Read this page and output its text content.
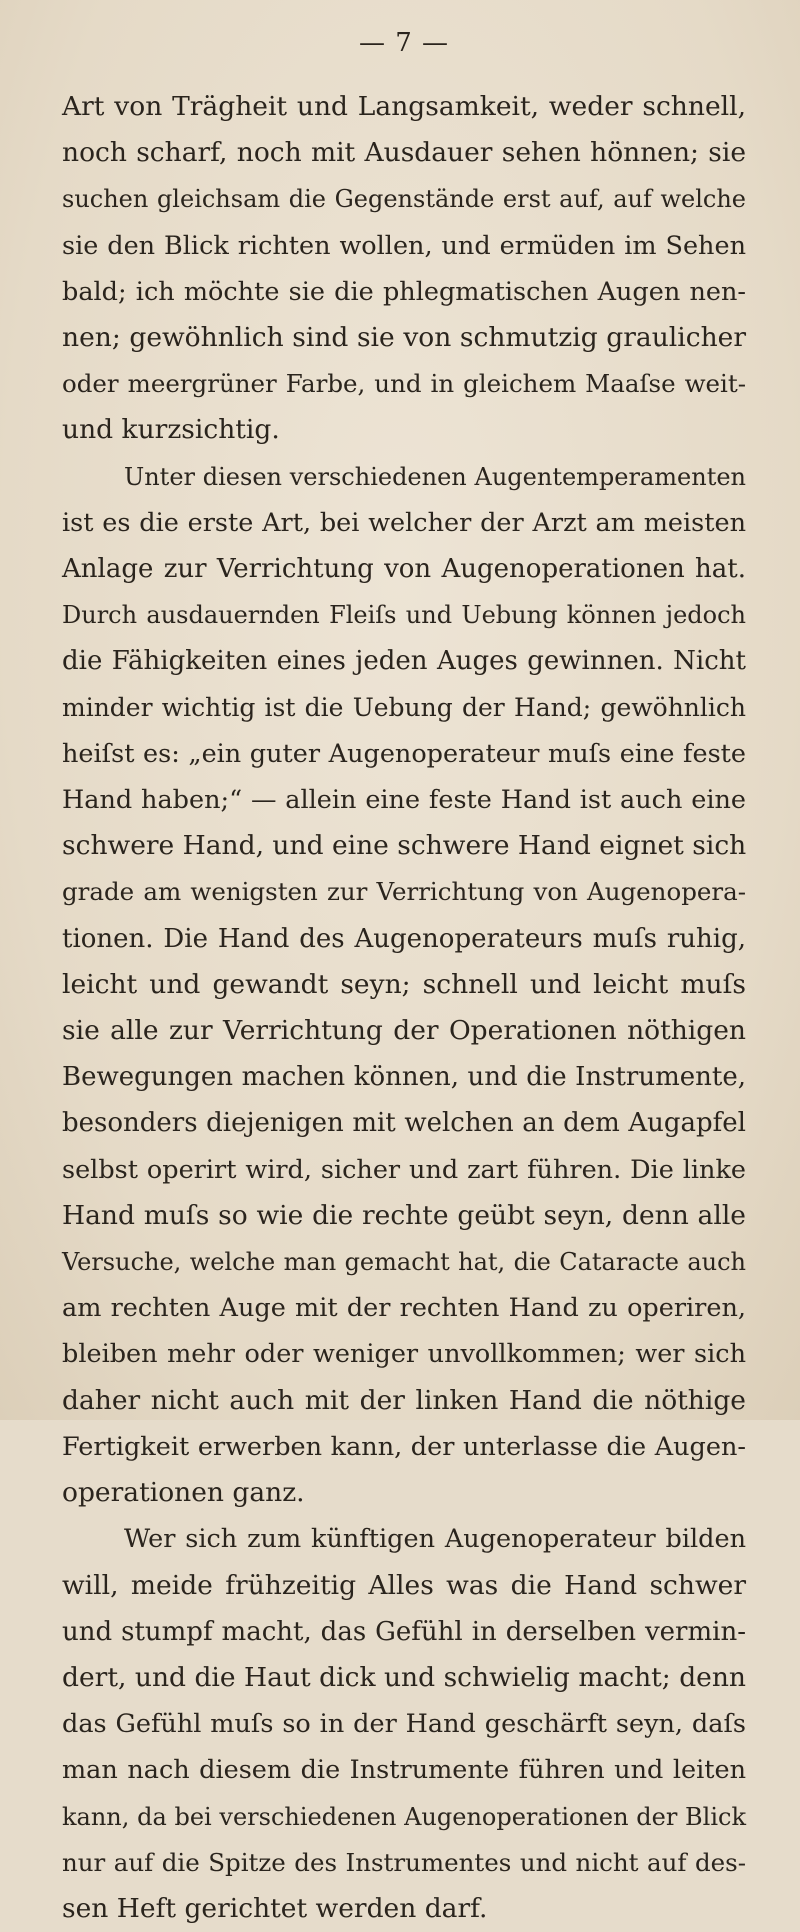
— 7 —
Art von Trägheit und Langsamkeit, weder schnell,
noch scharf, noch mit Ausdauer sehen hönnen; sie
suchen gleichsam die Gegenstände erst auf, auf welche
sie den Blick richten wollen, und ermüden im Sehen
bald; ich möchte sie die phlegmatischen Augen nen-
nen; gewöhnlich sind sie von schmutzig graulicher
oder meergrüner Farbe, und in gleichem Maaſse weit-
und kurzsichtig.
Unter diesen verschiedenen Augentemperamenten
ist es die erste Art, bei welcher der Arzt am meisten
Anlage zur Verrichtung von Augenoperationen hat.
Durch ausdauernden Fleiſs und Uebung können jedoch
die Fähigkeiten eines jeden Auges gewinnen. Nicht
minder wichtig ist die Uebung der Hand; gewöhnlich
heiſst es: „ein guter Augenoperateur muſs eine feste
Hand haben;“ — allein eine feste Hand ist auch eine
schwere Hand, und eine schwere Hand eignet sich
grade am wenigsten zur Verrichtung von Augenopera-
tionen. Die Hand des Augenoperateurs muſs ruhig,
leicht und gewandt seyn; schnell und leicht muſs
sie alle zur Verrichtung der Operationen nöthigen
Bewegungen machen können, und die Instrumente,
besonders diejenigen mit welchen an dem Augapfel
selbst operirt wird, sicher und zart führen. Die linke
Hand muſs so wie die rechte geübt seyn, denn alle
Versuche, welche man gemacht hat, die Cataracte auch
am rechten Auge mit der rechten Hand zu operiren,
bleiben mehr oder weniger unvollkommen; wer sich
daher nicht auch mit der linken Hand die nöthige
Fertigkeit erwerben kann, der unterlasse die Augen-
operationen ganz.
Wer sich zum künftigen Augenoperateur bilden
will, meide frühzeitig Alles was die Hand schwer
und stumpf macht, das Gefühl in derselben vermin-
dert, und die Haut dick und schwielig macht; denn
das Gefühl muſs so in der Hand geschärft seyn, daſs
man nach diesem die Instrumente führen und leiten
kann, da bei verschiedenen Augenoperationen der Blick
nur auf die Spitze des Instrumentes und nicht auf des-
sen Heft gerichtet werden darf.
